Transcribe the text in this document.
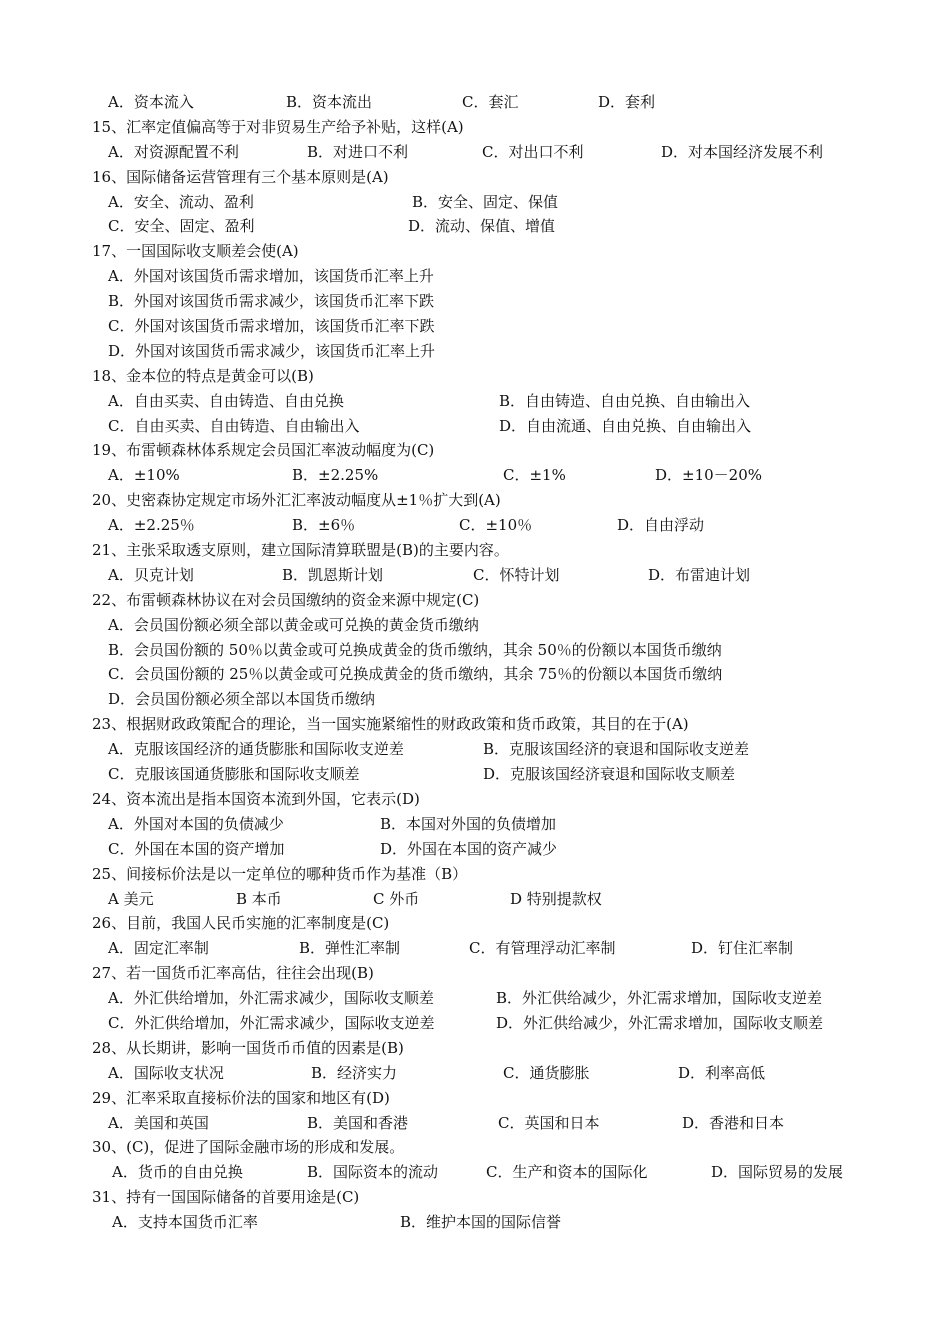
A．资本流入	B．资本流出	C．套汇	D．套利
15、汇率定值偏高等于对非贸易生产给予补贴，这样(A)
A．对资源配置不利	B．对进口不利	C．对出口不利	D．对本国经济发展不利
16、国际储备运营管理有三个基本原则是(A)
A．安全、流动、盈利	B．安全、固定、保值
C．安全、固定、盈利	D．流动、保值、增值
17、一国国际收支顺差会使(A)
A．外国对该国货币需求增加，该国货币汇率上升
B．外国对该国货币需求减少，该国货币汇率下跌
C．外国对该国货币需求增加，该国货币汇率下跌
D．外国对该国货币需求减少，该国货币汇率上升
18、金本位的特点是黄金可以(B)
A．自由买卖、自由铸造、自由兑换	B．自由铸造、自由兑换、自由输出入
C．自由买卖、自由铸造、自由输出入	D．自由流通、自由兑换、自由输出入
19、布雷顿森林体系规定会员国汇率波动幅度为(C)
A．±10%	B．±2.25%	C．±1%	D．±10－20%
20、史密森协定规定市场外汇汇率波动幅度从±1％扩大到(A)
A．±2.25％	B．±6％	C．±10％	D．自由浮动
21、主张采取透支原则，建立国际清算联盟是(B)的主要内容。
A．贝克计划	B．凯恩斯计划	C．怀特计划	D．布雷迪计划
22、布雷顿森林协议在对会员国缴纳的资金来源中规定(C)
A．会员国份额必须全部以黄金或可兑换的黄金货币缴纳
B．会员国份额的 50％以黄金或可兑换成黄金的货币缴纳，其余 50％的份额以本国货币缴纳
C．会员国份额的 25％以黄金或可兑换成黄金的货币缴纳，其余 75％的份额以本国货币缴纳
D．会员国份额必须全部以本国货币缴纳
23、根据财政政策配合的理论，当一国实施紧缩性的财政政策和货币政策，其目的在于(A)
A．克服该国经济的通货膨胀和国际收支逆差	B．克服该国经济的衰退和国际收支逆差
C．克服该国通货膨胀和国际收支顺差	D．克服该国经济衰退和国际收支顺差
24、资本流出是指本国资本流到外国，它表示(D)
A．外国对本国的负债减少	B．本国对外国的负债增加
C．外国在本国的资产增加	D．外国在本国的资产减少
25、间接标价法是以一定单位的哪种货币作为基准（B）
A 美元	B 本币	C 外币	D 特别提款权
26、目前，我国人民币实施的汇率制度是(C)
A．固定汇率制	B．弹性汇率制	C．有管理浮动汇率制	D．钉住汇率制
27、若一国货币汇率高估，往往会出现(B)
A．外汇供给增加，外汇需求减少，国际收支顺差	B．外汇供给减少，外汇需求增加，国际收支逆差
C．外汇供给增加，外汇需求减少，国际收支逆差	D．外汇供给减少，外汇需求增加，国际收支顺差
28、从长期讲，影响一国货币币值的因素是(B)
A．国际收支状况	B．经济实力	C．通货膨胀	D．利率高低
29、汇率采取直接标价法的国家和地区有(D)
A．美国和英国	B．美国和香港	C．英国和日本	D．香港和日本
30、(C)，促进了国际金融市场的形成和发展。
A．货币的自由兑换	B．国际资本的流动	C．生产和资本的国际化	D．国际贸易的发展
31、持有一国国际储备的首要用途是(C)
A．支持本国货币汇率	B．维护本国的国际信誉
